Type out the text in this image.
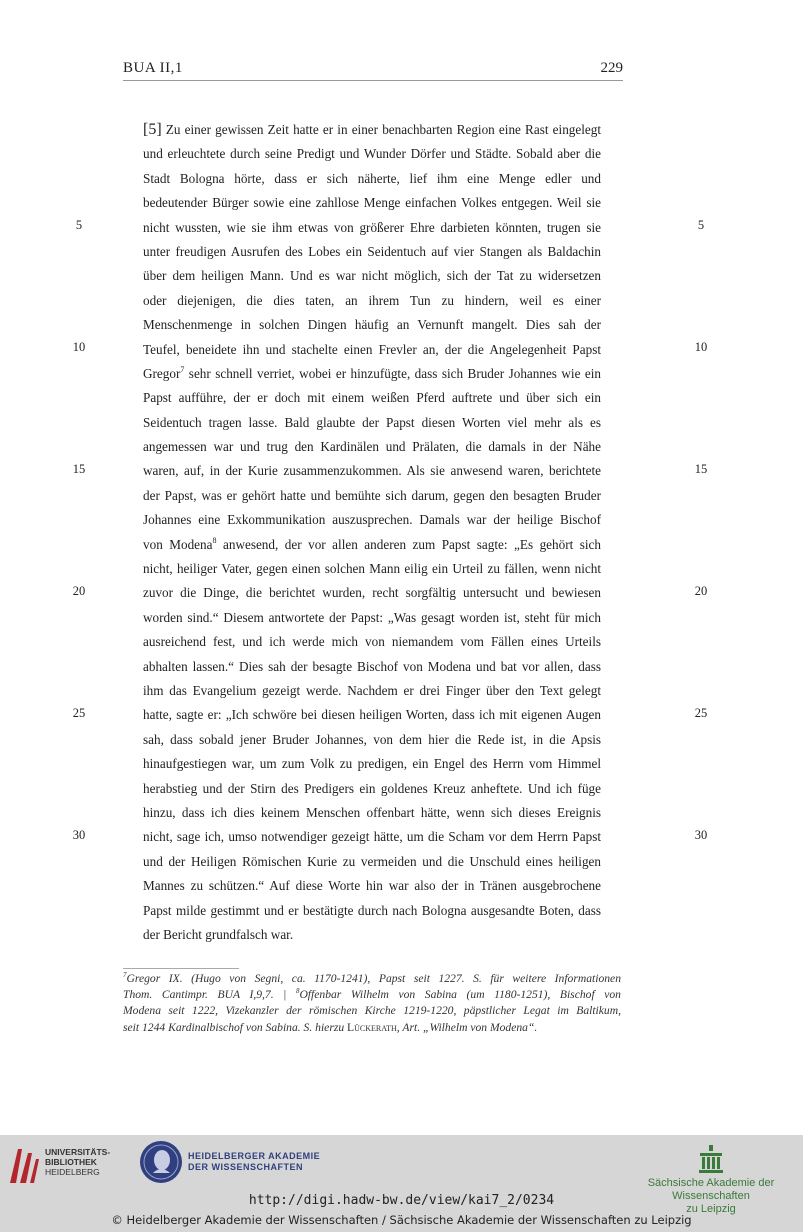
BUA II,1	229
[5] Zu einer gewissen Zeit hatte er in einer benachbarten Region eine Rast eingelegt
und erleuchtete durch seine Predigt und Wunder Dörfer und Städte. Sobald aber die
Stadt Bologna hörte, dass er sich näherte, lief ihm eine Menge edler und
bedeutender Bürger sowie eine zahllose Menge einfachen Volkes entgegen. Weil sie
nicht wussten, wie sie ihm etwas von größerer Ehre darbieten könnten, trugen sie
unter freudigen Ausrufen des Lobes ein Seidentuch auf vier Stangen als Baldachin
über dem heiligen Mann. Und es war nicht möglich, sich der Tat zu widersetzen
oder diejenigen, die dies taten, an ihrem Tun zu hindern, weil es einer
Menschenmenge in solchen Dingen häufig an Vernunft mangelt. Dies sah der
Teufel, beneidete ihn und stachelte einen Frevler an, der die Angelegenheit Papst
Gregor$^7$ sehr schnell verriet, wobei er hinzufügte, dass sich Bruder Johannes wie ein
Papst aufführe, der er doch mit einem weißen Pferd auftrete und über sich ein
Seidentuch tragen lasse. Bald glaubte der Papst diesen Worten viel mehr als es
angemessen war und trug den Kardinälen und Prälaten, die damals in der Nähe
waren, auf, in der Kurie zusammenzukommen. Als sie anwesend waren, berichtete
der Papst, was er gehört hatte und bemühte sich darum, gegen den besagten Bruder
Johannes eine Exkommunikation auszusprechen. Damals war der heilige Bischof
von Modena$^8$ anwesend, der vor allen anderen zum Papst sagte: „Es gehört sich
nicht, heiliger Vater, gegen einen solchen Mann eilig ein Urteil zu fällen, wenn nicht
zuvor die Dinge, die berichtet wurden, recht sorgfältig untersucht und bewiesen
worden sind.“ Diesem antwortete der Papst: „Was gesagt worden ist, steht für mich
ausreichend fest, und ich werde mich von niemandem vom Fällen eines Urteils
abhalten lassen.“ Dies sah der besagte Bischof von Modena und bat vor allen, dass
ihm das Evangelium gezeigt werde. Nachdem er drei Finger über den Text gelegt
hatte, sagte er: „Ich schwöre bei diesen heiligen Worten, dass ich mit eigenen Augen
sah, dass sobald jener Bruder Johannes, von dem hier die Rede ist, in die Apsis
hinaufgestiegen war, um zum Volk zu predigen, ein Engel des Herrn vom Himmel
herabstieg und der Stirn des Predigers ein goldenes Kreuz anheftete. Und ich füge
hinzu, dass ich dies keinem Menschen offenbart hätte, wenn sich dieses Ereignis
nicht, sage ich, umso notwendiger gezeigt hätte, um die Scham vor dem Herrn Papst
und der Heiligen Römischen Kurie zu vermeiden und die Unschuld eines heiligen
Mannes zu schützen.“ Auf diese Worte hin war also der in Tränen ausgebrochene
Papst milde gestimmt und er bestätigte durch nach Bologna ausgesandte Boten, dass
der Bericht grundfalsch war.
5
10
15
20
25
30
5
10
15
20
25
30
$^7$Gregor IX. (Hugo von Segni, ca. 1170-1241), Papst seit 1227. S. für weitere Informationen
Thom. Cantimpr. BUA I,9,7. | $^8$Offenbar Wilhelm von Sabina (um 1180-1251), Bischof von
Modena seit 1222, Vizekanzler der römischen Kirche 1219-1220, päpstlicher Legat im Baltikum,
seit 1244 Kardinalbischof von Sabina. S. hierzu Lückerath, Art. „Wilhelm von Modena“.
UNIVERSITÄTS-
BIBLIOTHEK
HEIDELBERG
HEIDELBERGER AKADEMIE
DER WISSENSCHAFTEN
Sächsische Akademie der Wissenschaften
zu Leipzig
http://digi.hadw-bw.de/view/kai7_2/0234
© Heidelberger Akademie der Wissenschaften / Sächsische Akademie der Wissenschaften zu Leipzig
